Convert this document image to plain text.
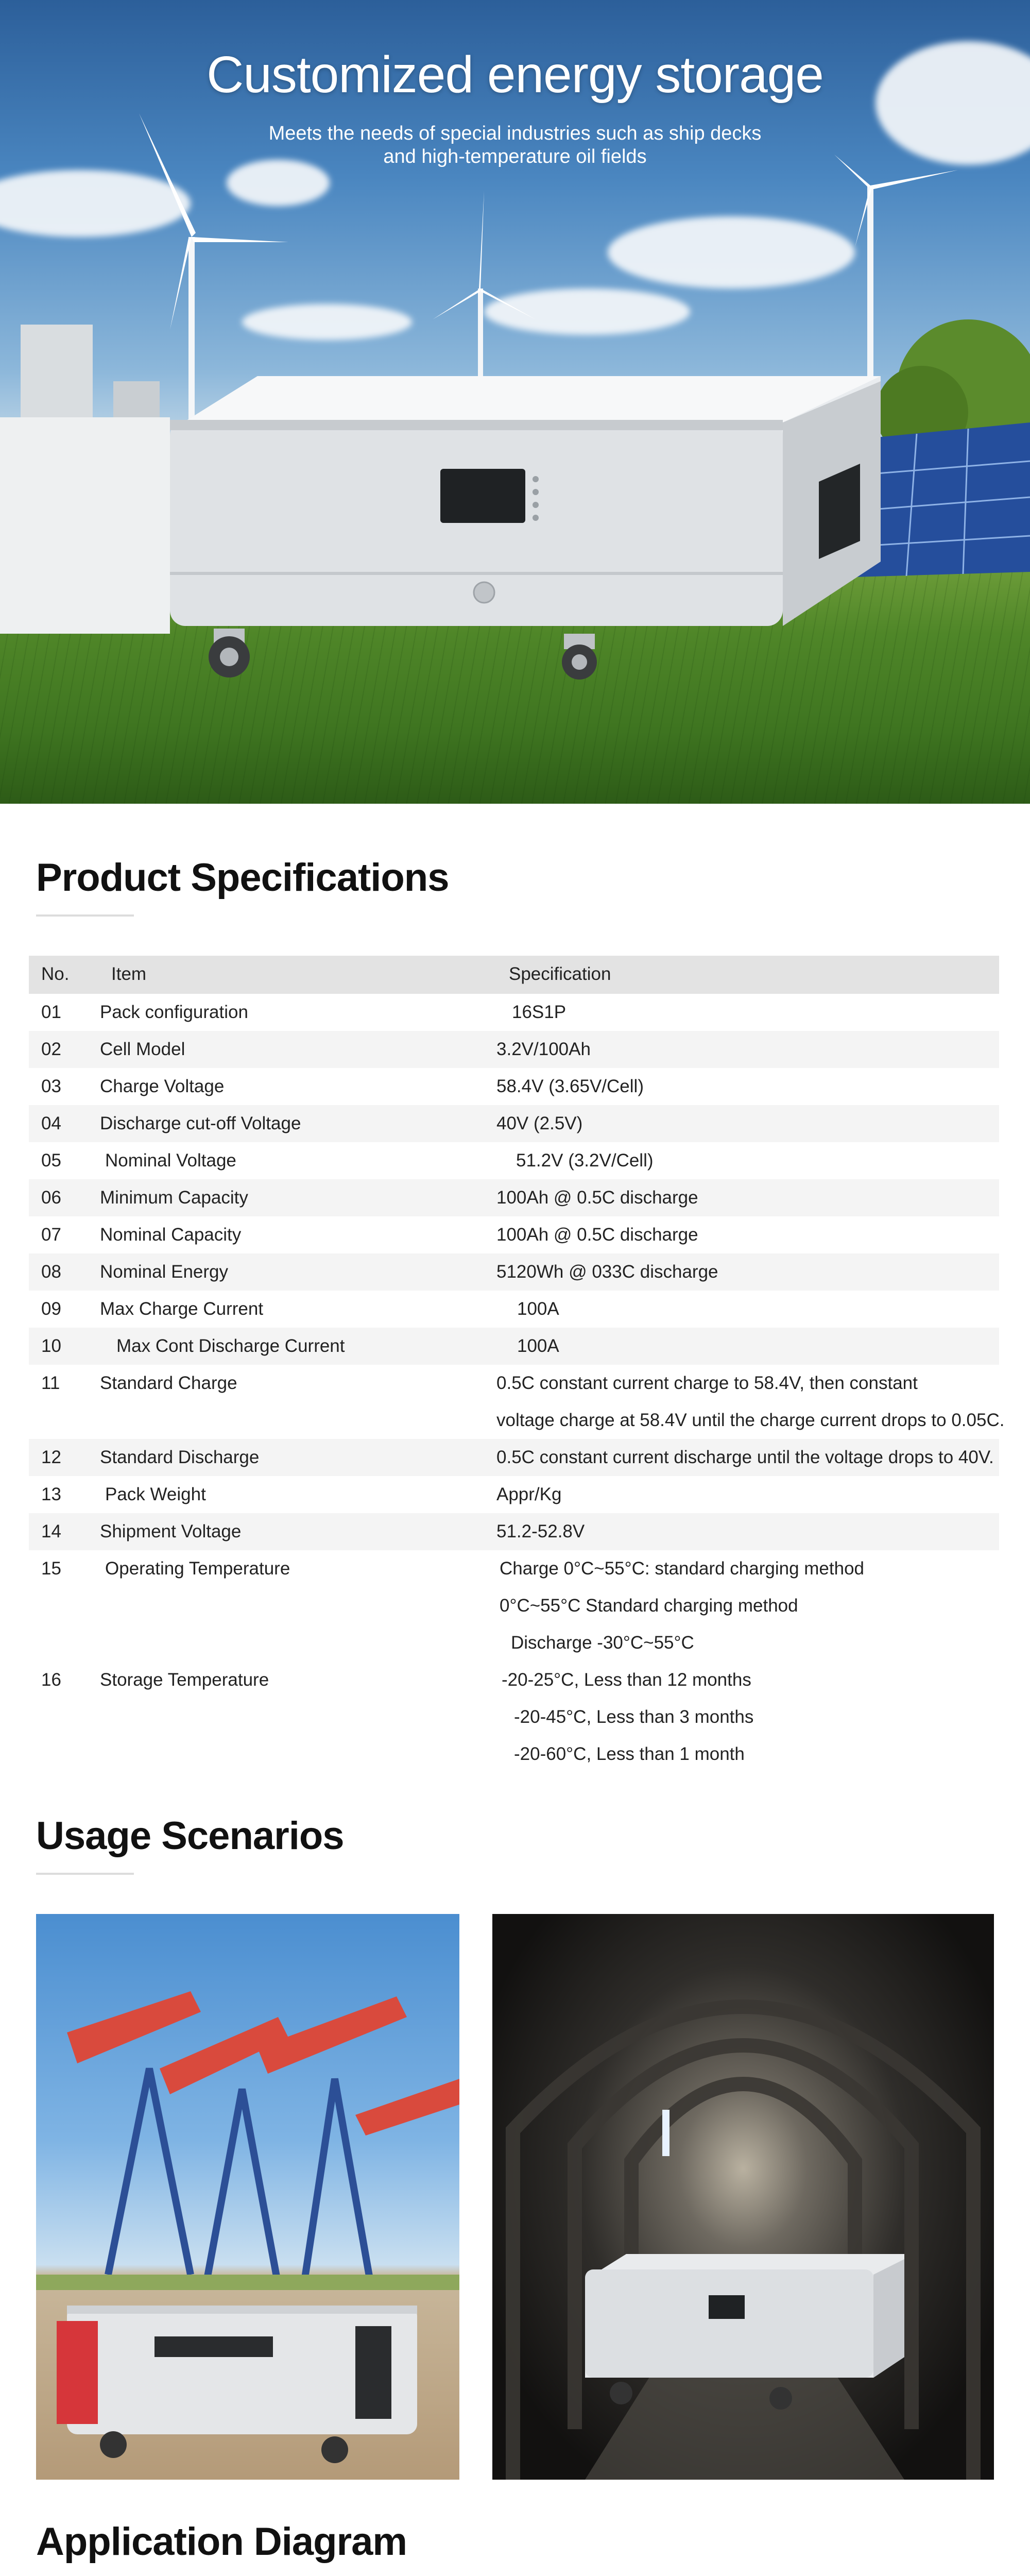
Customized energy storage
Meets the needs of special industries such as ship decks
and high-temperature oil fields
Product Specifications
No. Item	Specification
01 Pack configuration	16S1P
02 Cell Model	3.2V/100Ah
03 Charge Voltage	58.4V (3.65V/Cell)
04 Discharge cut-off Voltage	40V (2.5V)
05 Nominal Voltage	51.2V (3.2V/Cell)
06 Minimum Capacity	100Ah @ 0.5C discharge
07 Nominal Capacity	100Ah @ 0.5C discharge
08 Nominal Energy	5120Wh @ 033C discharge
09 Max Charge Current	100A
10	Max Cont Discharge Current	100A
11 Standard Charge	0.5C constant current charge to 58.4V, then constant
voltage charge at 58.4V until the charge current drops to 0.05C.
12 Standard Discharge	0.5C constant current discharge until the voltage drops to 40V.
13 Pack Weight	Appr/Kg
14 Shipment Voltage	51.2-52.8V
15 Operating Temperature	Charge 0°C~55°C: standard charging method
0°C~55°C Standard charging method
Discharge -30°C~55°C
16 Storage Temperature	-20-25°C, Less than 12 months
-20-45°C, Less than 3 months
-20-60°C, Less than 1 month
Usage Scenarios
Application Diagram
